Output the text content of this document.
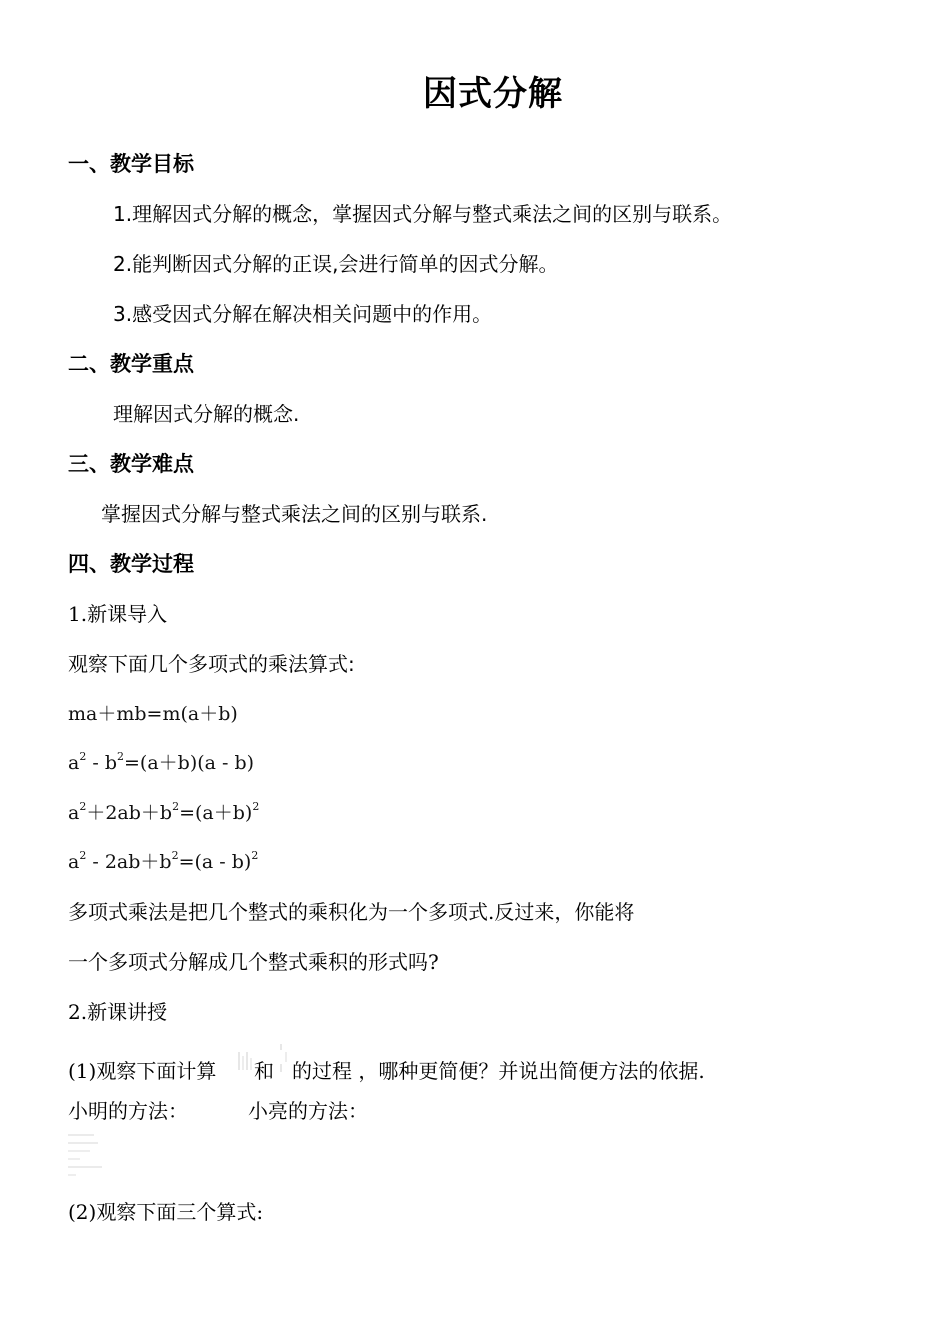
因式分解
一、教学目标
1.理解因式分解的概念，掌握因式分解与整式乘法之间的区别与联系。
2.能判断因式分解的正误,会进行简单的因式分解。
3.感受因式分解在解决相关问题中的作用。
二、教学重点
理解因式分解的概念.
三、教学难点
掌握因式分解与整式乘法之间的区别与联系.
四、教学过程
1.新课导入
观察下面几个多项式的乘法算式:
ma＋mb=m(a＋b)
$a^2 - b^2=(a+b)(a - b)$
$a^2+2ab+b^2=(a+b)^2$
$a^2 - 2ab+b^2=(a - b)^2$
多项式乘法是把几个整式的乘积化为一个多项式.反过来，你能将
一个多项式分解成几个整式乘积的形式吗?
2.新课讲授
(1)观察下面计算 和 的过程 ，哪种更简便？并说出简便方法的依据.
小明的方法：	小亮的方法：
(2)观察下面三个算式:
